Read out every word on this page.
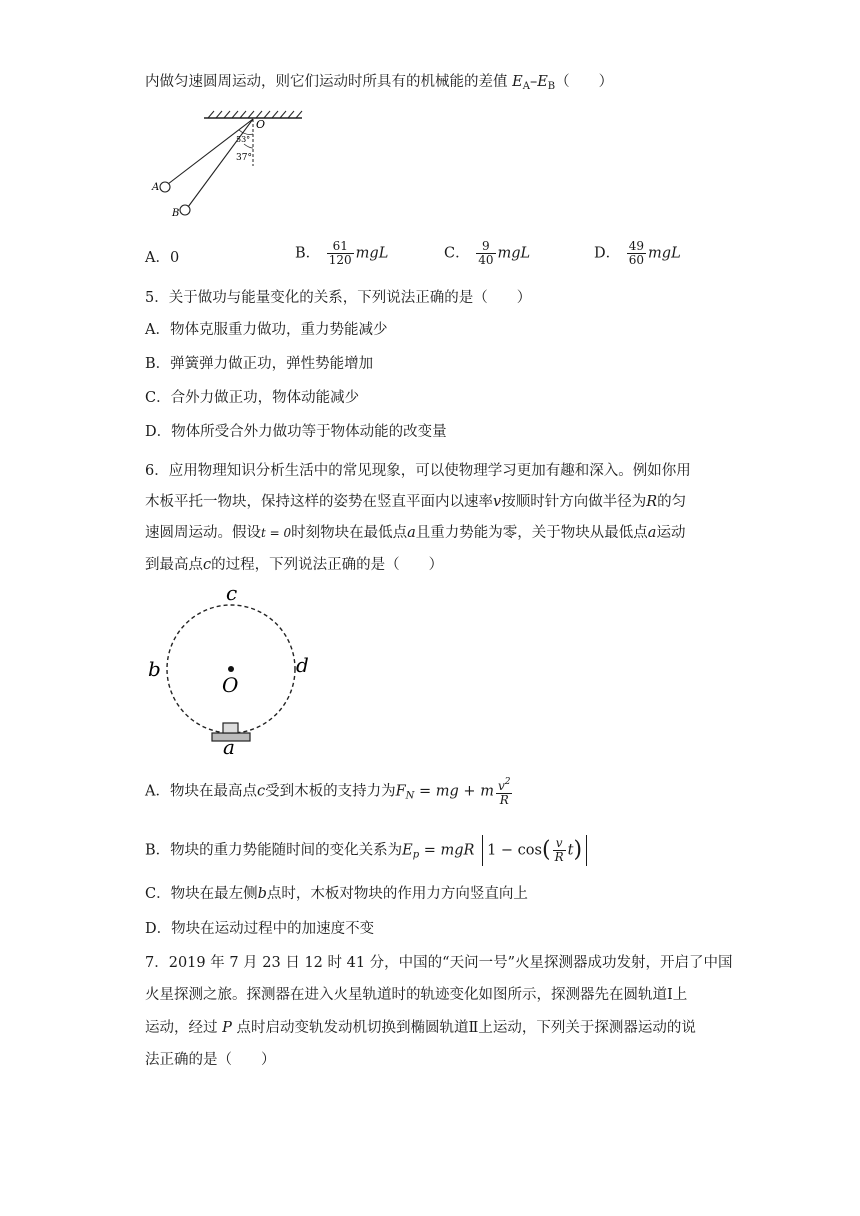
内做匀速圆周运动，则它们运动时所具有的机械能的差值 $E_A-E_B$（　　）
O
A
B
53°
37°
A．0	B． $\frac{61}{120}$ mgL	C． $\frac{9}{40}$ mgL	D． $\frac{49}{60}$ mgL
5．关于做功与能量变化的关系，下列说法正确的是（　　）
A．物体克服重力做功，重力势能减少
B．弹簧弹力做正功，弹性势能增加
C．合外力做正功，物体动能减少
D．物体所受合外力做功等于物体动能的改变量
6．应用物理知识分析生活中的常见现象，可以使物理学习更加有趣和深入。例如你用
木板平托一物块，保持这样的姿势在竖直平面内以速率v按顺时针方向做半径为R的匀
速圆周运动。假设t = 0时刻物块在最低点a且重力势能为零，关于物块从最低点a运动
到最高点c的过程，下列说法正确的是（　　）
O
c
b	d
a
A．物块在最高点c受到木板的支持力为$F_N$ = mg + m $\frac{v^2}{R}$
B．物块的重力势能随时间的变化关系为$E_p$ = mgR $1 - \cos( \frac{v}{R} t)$
C．物块在最左侧b点时，木板对物块的作用力方向竖直向上
D．物块在运动过程中的加速度不变
7．2019 年 7 月 23 日 12 时 41 分，中国的“天问一号”火星探测器成功发射，开启了中国
火星探测之旅。探测器在进入火星轨道时的轨迹变化如图所示，探测器先在圆轨道Ⅰ上
运动，经过 P 点时启动变轨发动机切换到椭圆轨道Ⅱ上运动，下列关于探测器运动的说
法正确的是（　　）
